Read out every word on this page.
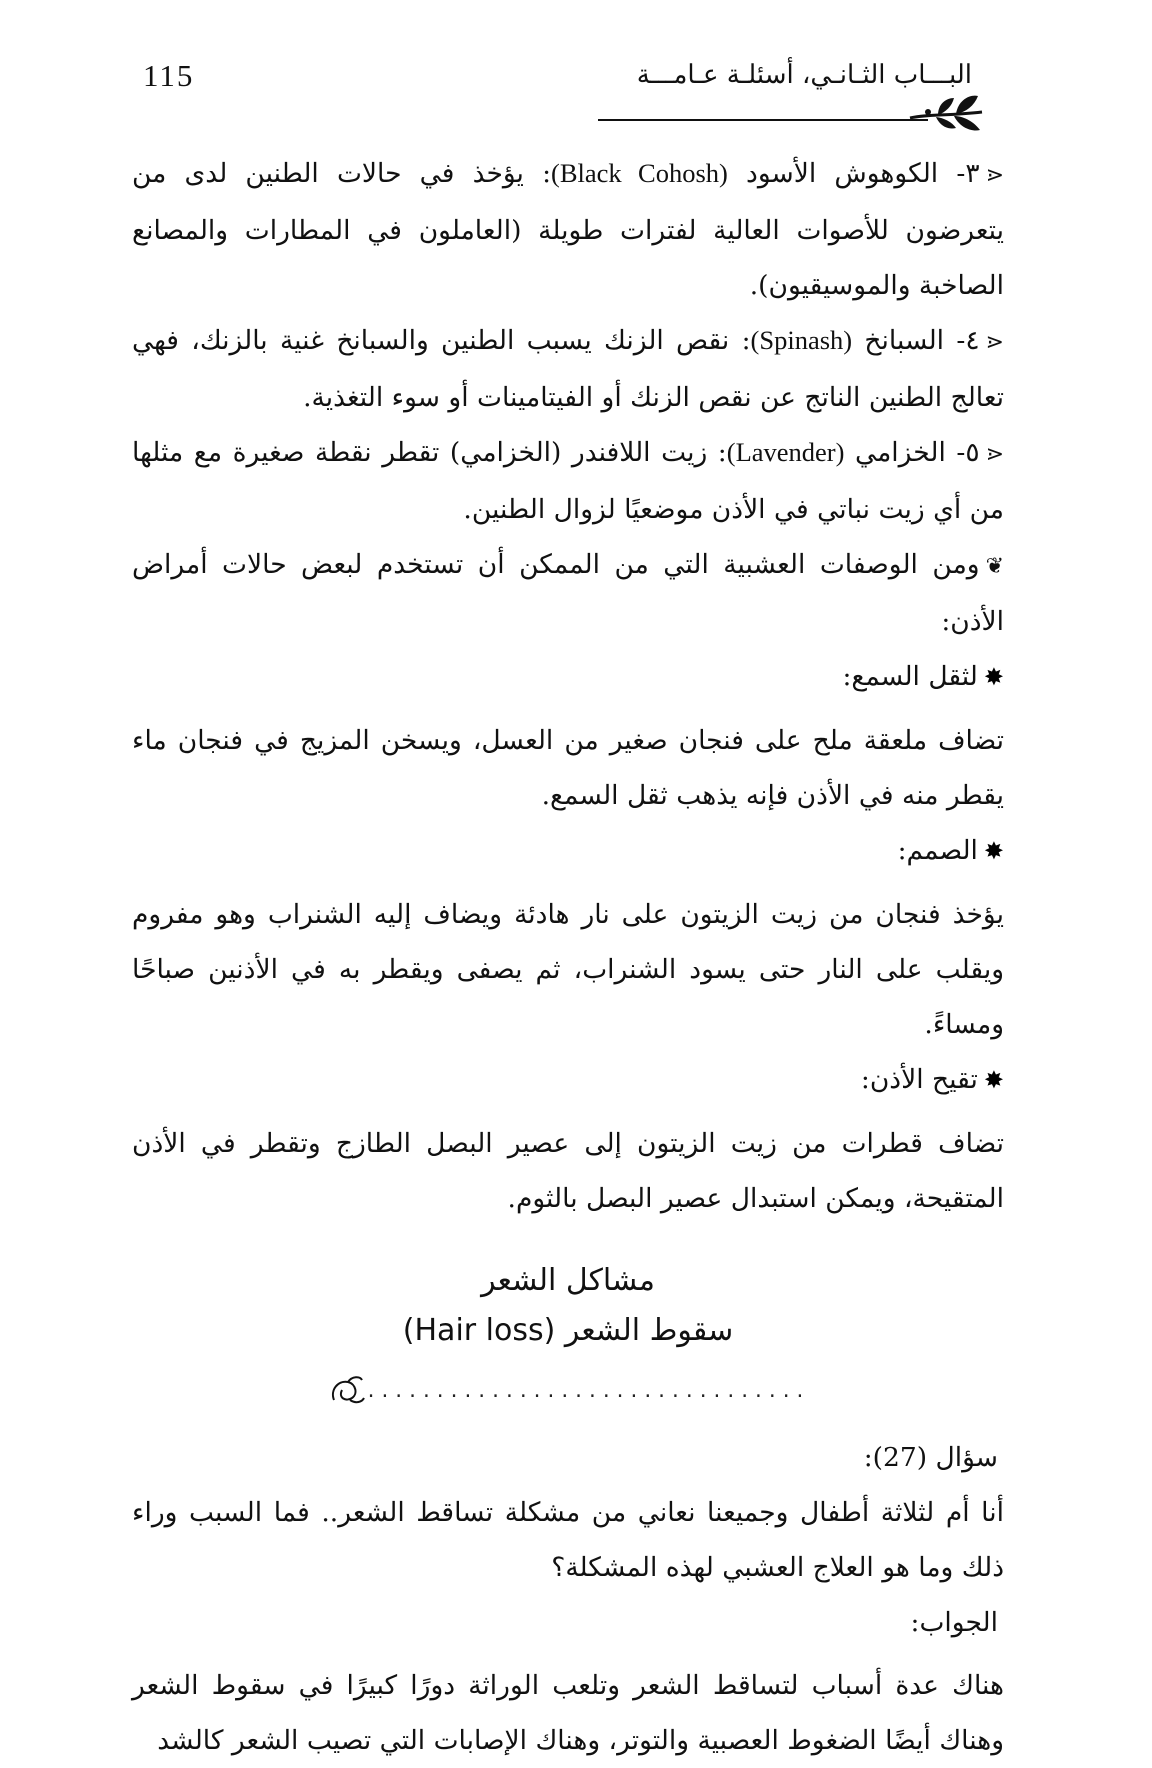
115	البـــاب الثـانـي، أسئلـة عـامـــة

⋖٣- الكوهوش الأسود (Black Cohosh): يؤخذ في حالات الطنين لدى من يتعرضون للأصوات العالية لفترات طويلة (العاملون في المطارات والمصانع الصاخبة والموسيقيون).

⋖٤- السبانخ (Spinash): نقص الزنك يسبب الطنين والسبانخ غنية بالزنك، فهي تعالج الطنين الناتج عن نقص الزنك أو الفيتامينات أو سوء التغذية.

⋖٥- الخزامي (Lavender): زيت اللافندر (الخزامي) تقطر نقطة صغيرة مع مثلها من أي زيت نباتي في الأذن موضعيًا لزوال الطنين.

❦ومن الوصفات العشبية التي من الممكن أن تستخدم لبعض حالات أمراض الأذن:

✸لثقل السمع:

تضاف ملعقة ملح على فنجان صغير من العسل، ويسخن المزيج في فنجان ماء يقطر منه في الأذن فإنه يذهب ثقل السمع.

✸الصمم:

يؤخذ فنجان من زيت الزيتون على نار هادئة ويضاف إليه الشنراب وهو مفروم ويقلب على النار حتى يسود الشنراب، ثم يصفى ويقطر به في الأذنين صباحًا ومساءً.

✸تقيح الأذن:

تضاف قطرات من زيت الزيتون إلى عصير البصل الطازج وتقطر في الأذن المتقيحة، ويمكن استبدال عصير البصل بالثوم.

مشاكل الشعر
سقوط الشعر (Hair loss)
................................

سؤال (27):

أنا أم لثلاثة أطفال وجميعنا نعاني من مشكلة تساقط الشعر.. فما السبب وراء ذلك وما هو العلاج العشبي لهذه المشكلة؟

الجواب:

هناك عدة أسباب لتساقط الشعر وتلعب الوراثة دورًا كبيرًا في سقوط الشعر وهناك أيضًا الضغوط العصبية والتوتر، وهناك الإصابات التي تصيب الشعر كالشد
